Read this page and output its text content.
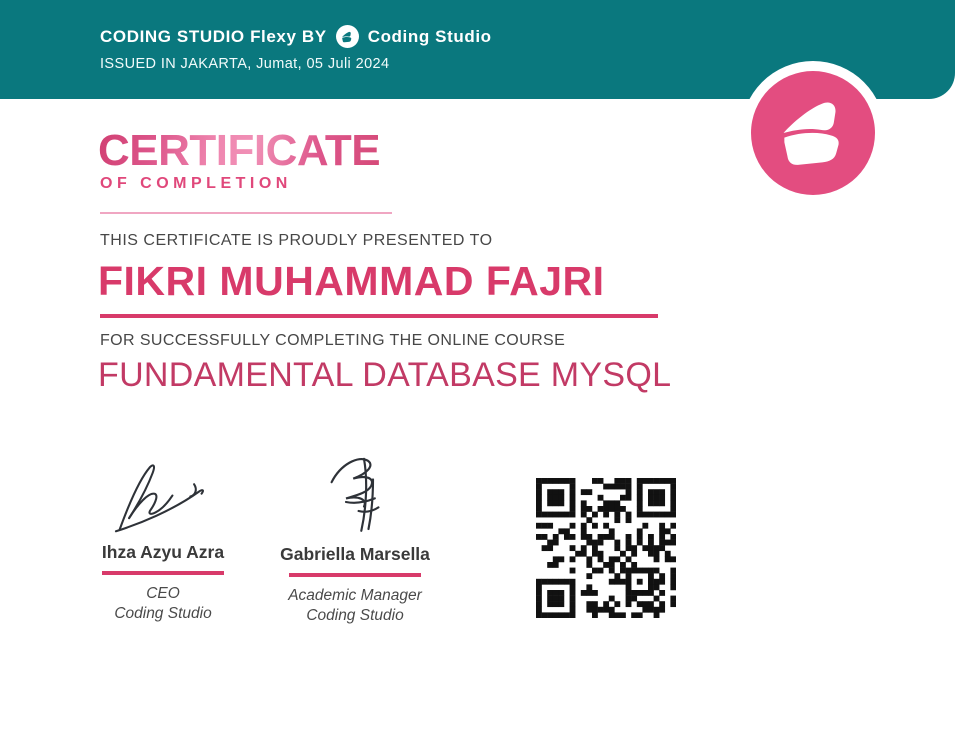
CODING STUDIO Flexy BY Coding Studio
ISSUED IN JAKARTA, Jumat, 05 Juli 2024
CERTIFICATE
OF COMPLETION
THIS CERTIFICATE IS PROUDLY PRESENTED TO
FIKRI MUHAMMAD FAJRI
FOR SUCCESSFULLY COMPLETING THE ONLINE COURSE
FUNDAMENTAL DATABASE MYSQL
Ihza Azyu Azra
CEO
Coding Studio
Gabriella Marsella
Academic Manager
Coding Studio
